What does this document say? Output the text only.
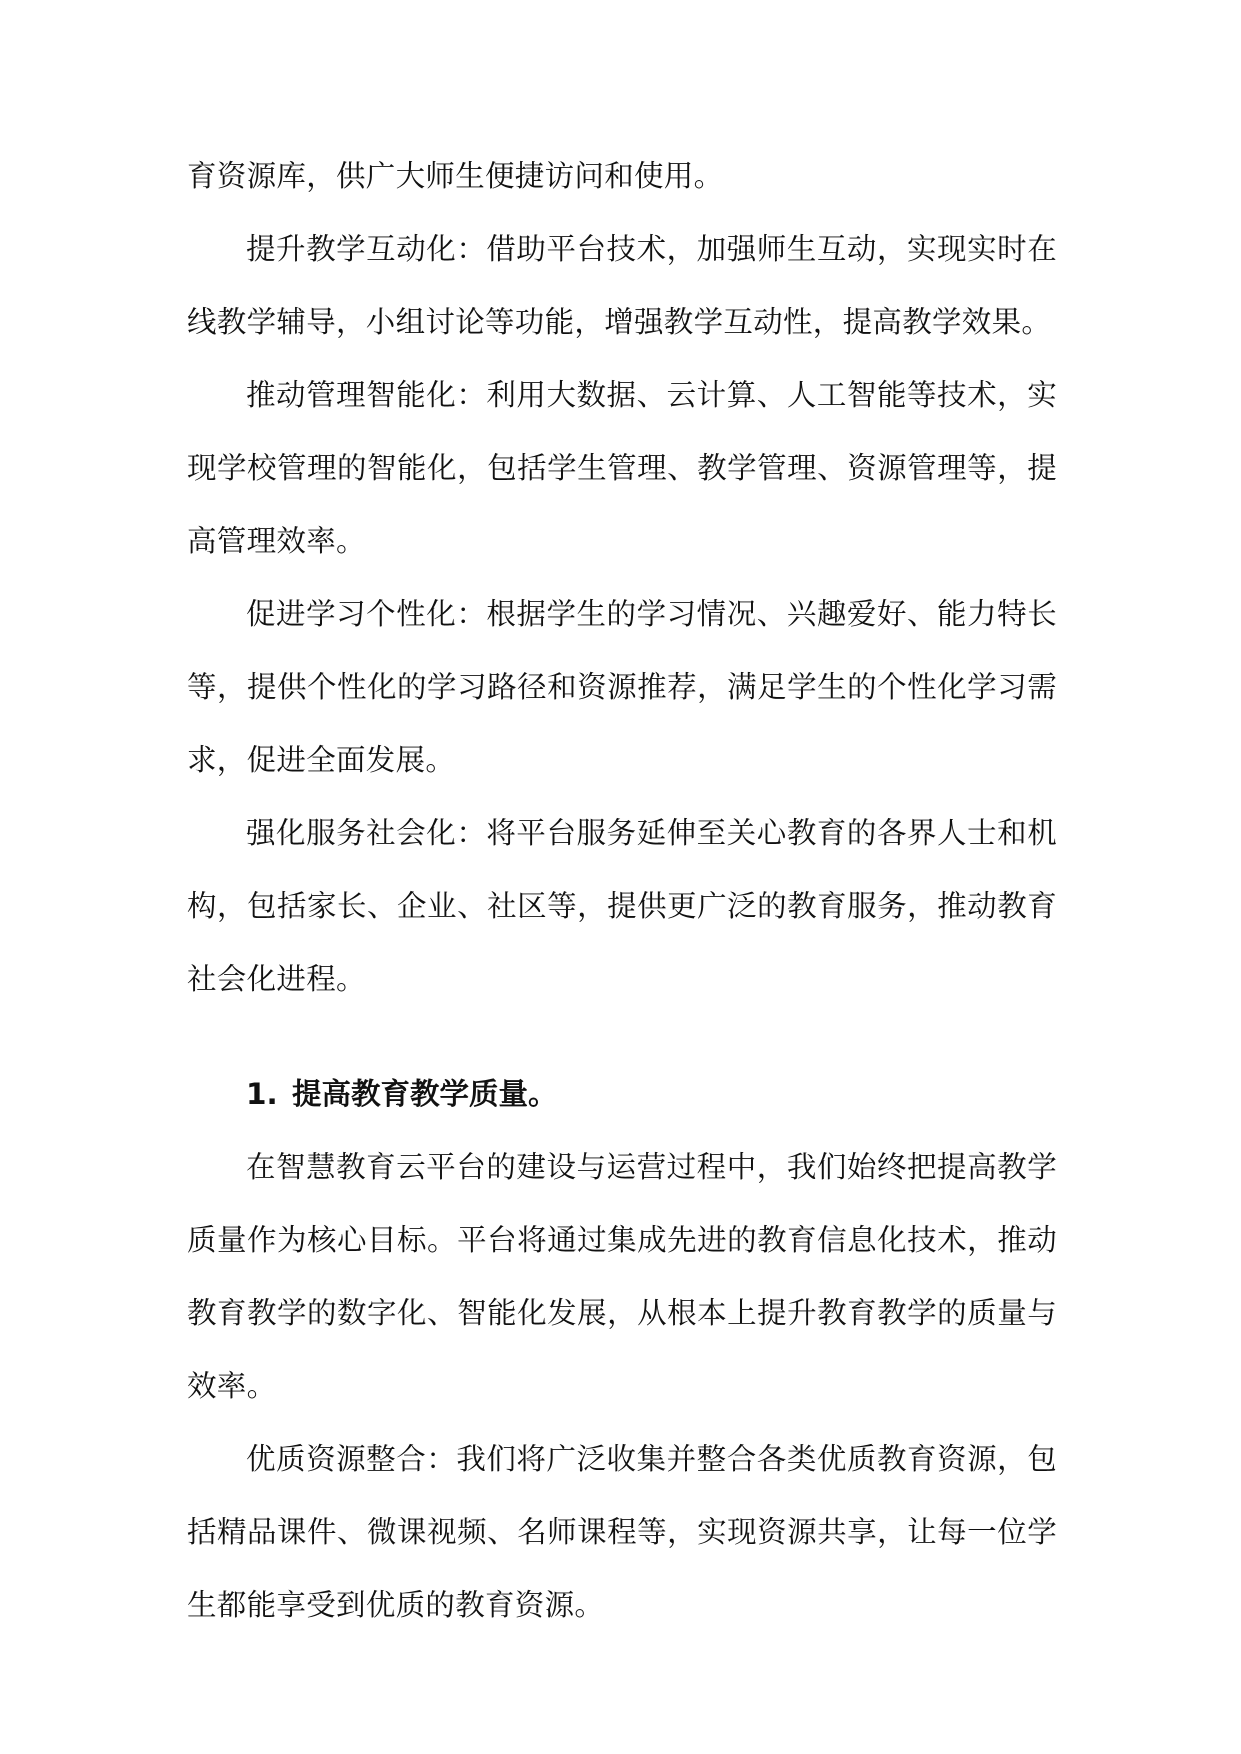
育资源库，供广大师生便捷访问和使用。

提升教学互动化：借助平台技术，加强师生互动，实现实时在线教学辅导，小组讨论等功能，增强教学互动性，提高教学效果。

推动管理智能化：利用大数据、云计算、人工智能等技术，实现学校管理的智能化，包括学生管理、教学管理、资源管理等，提高管理效率。

促进学习个性化：根据学生的学习情况、兴趣爱好、能力特长等，提供个性化的学习路径和资源推荐，满足学生的个性化学习需求，促进全面发展。

强化服务社会化：将平台服务延伸至关心教育的各界人士和机构，包括家长、企业、社区等，提供更广泛的教育服务，推动教育社会化进程。

1. 提高教育教学质量。

在智慧教育云平台的建设与运营过程中，我们始终把提高教学质量作为核心目标。平台将通过集成先进的教育信息化技术，推动教育教学的数字化、智能化发展，从根本上提升教育教学的质量与效率。

优质资源整合：我们将广泛收集并整合各类优质教育资源，包括精品课件、微课视频、名师课程等，实现资源共享，让每一位学生都能享受到优质的教育资源。
